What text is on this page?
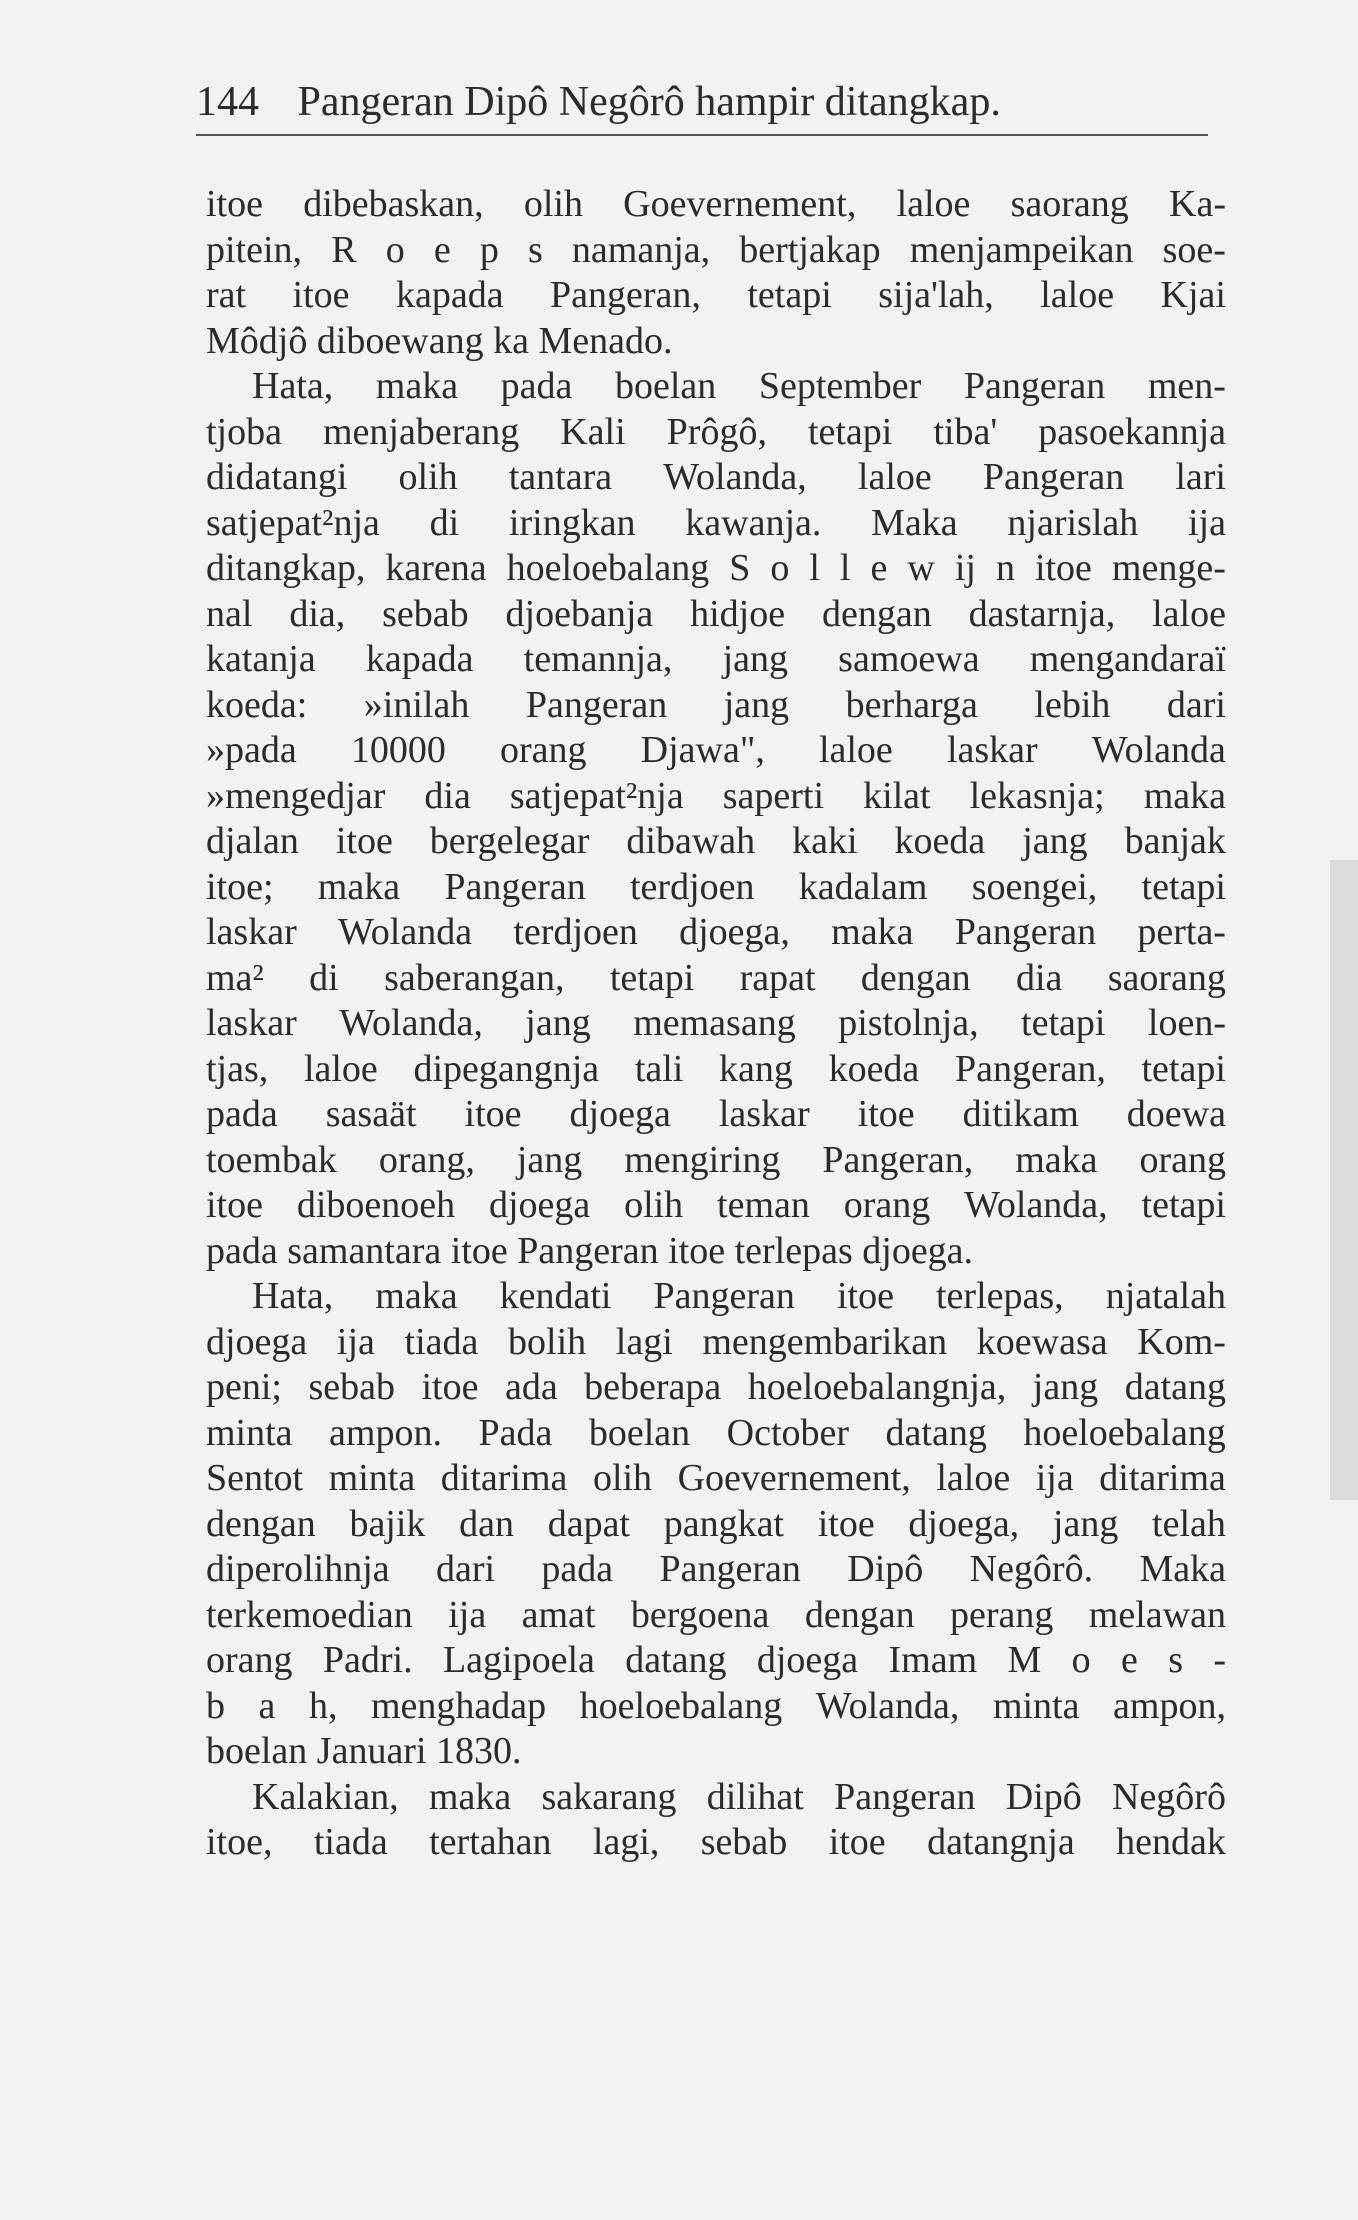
144 Pangeran Dipô Negôrô hampir ditangkap.
itoe dibebaskan, olih Goevernement, laloe saorang Ka-
pitein, R o e p s namanja, bertjakap menjampeikan soe-
rat itoe kapada Pangeran, tetapi sija'lah, laloe Kjai
Môdjô diboewang ka Menado.
Hata, maka pada boelan September Pangeran men-
tjoba menjaberang Kali Prôgô, tetapi tiba' pasoekannja
didatangi olih tantara Wolanda, laloe Pangeran lari
satjepat²nja di iringkan kawanja. Maka njarislah ija
ditangkap, karena hoeloebalang S o l l e w ij n itoe menge-
nal dia, sebab djoebanja hidjoe dengan dastarnja, laloe
katanja kapada temannja, jang samoewa mengandaraï
koeda: »inilah Pangeran jang berharga lebih dari
»pada 10000 orang Djawa", laloe laskar Wolanda
»mengedjar dia satjepat²nja saperti kilat lekasnja; maka
djalan itoe bergelegar dibawah kaki koeda jang banjak
itoe; maka Pangeran terdjoen kadalam soengei, tetapi
laskar Wolanda terdjoen djoega, maka Pangeran perta-
ma² di saberangan, tetapi rapat dengan dia saorang
laskar Wolanda, jang memasang pistolnja, tetapi loen-
tjas, laloe dipegangnja tali kang koeda Pangeran, tetapi
pada sasaät itoe djoega laskar itoe ditikam doewa
toembak orang, jang mengiring Pangeran, maka orang
itoe diboenoeh djoega olih teman orang Wolanda, tetapi
pada samantara itoe Pangeran itoe terlepas djoega.
Hata, maka kendati Pangeran itoe terlepas, njatalah
djoega ija tiada bolih lagi mengembarikan koewasa Kom-
peni; sebab itoe ada beberapa hoeloebalangnja, jang datang
minta ampon. Pada boelan October datang hoeloebalang
Sentot minta ditarima olih Goevernement, laloe ija ditarima
dengan bajik dan dapat pangkat itoe djoega, jang telah
diperolihnja dari pada Pangeran Dipô Negôrô. Maka
terkemoedian ija amat bergoena dengan perang melawan
orang Padri. Lagipoela datang djoega Imam M o e s -
b a h, menghadap hoeloebalang Wolanda, minta ampon,
boelan Januari 1830.
Kalakian, maka sakarang dilihat Pangeran Dipô Negôrô
itoe, tiada tertahan lagi, sebab itoe datangnja hendak
